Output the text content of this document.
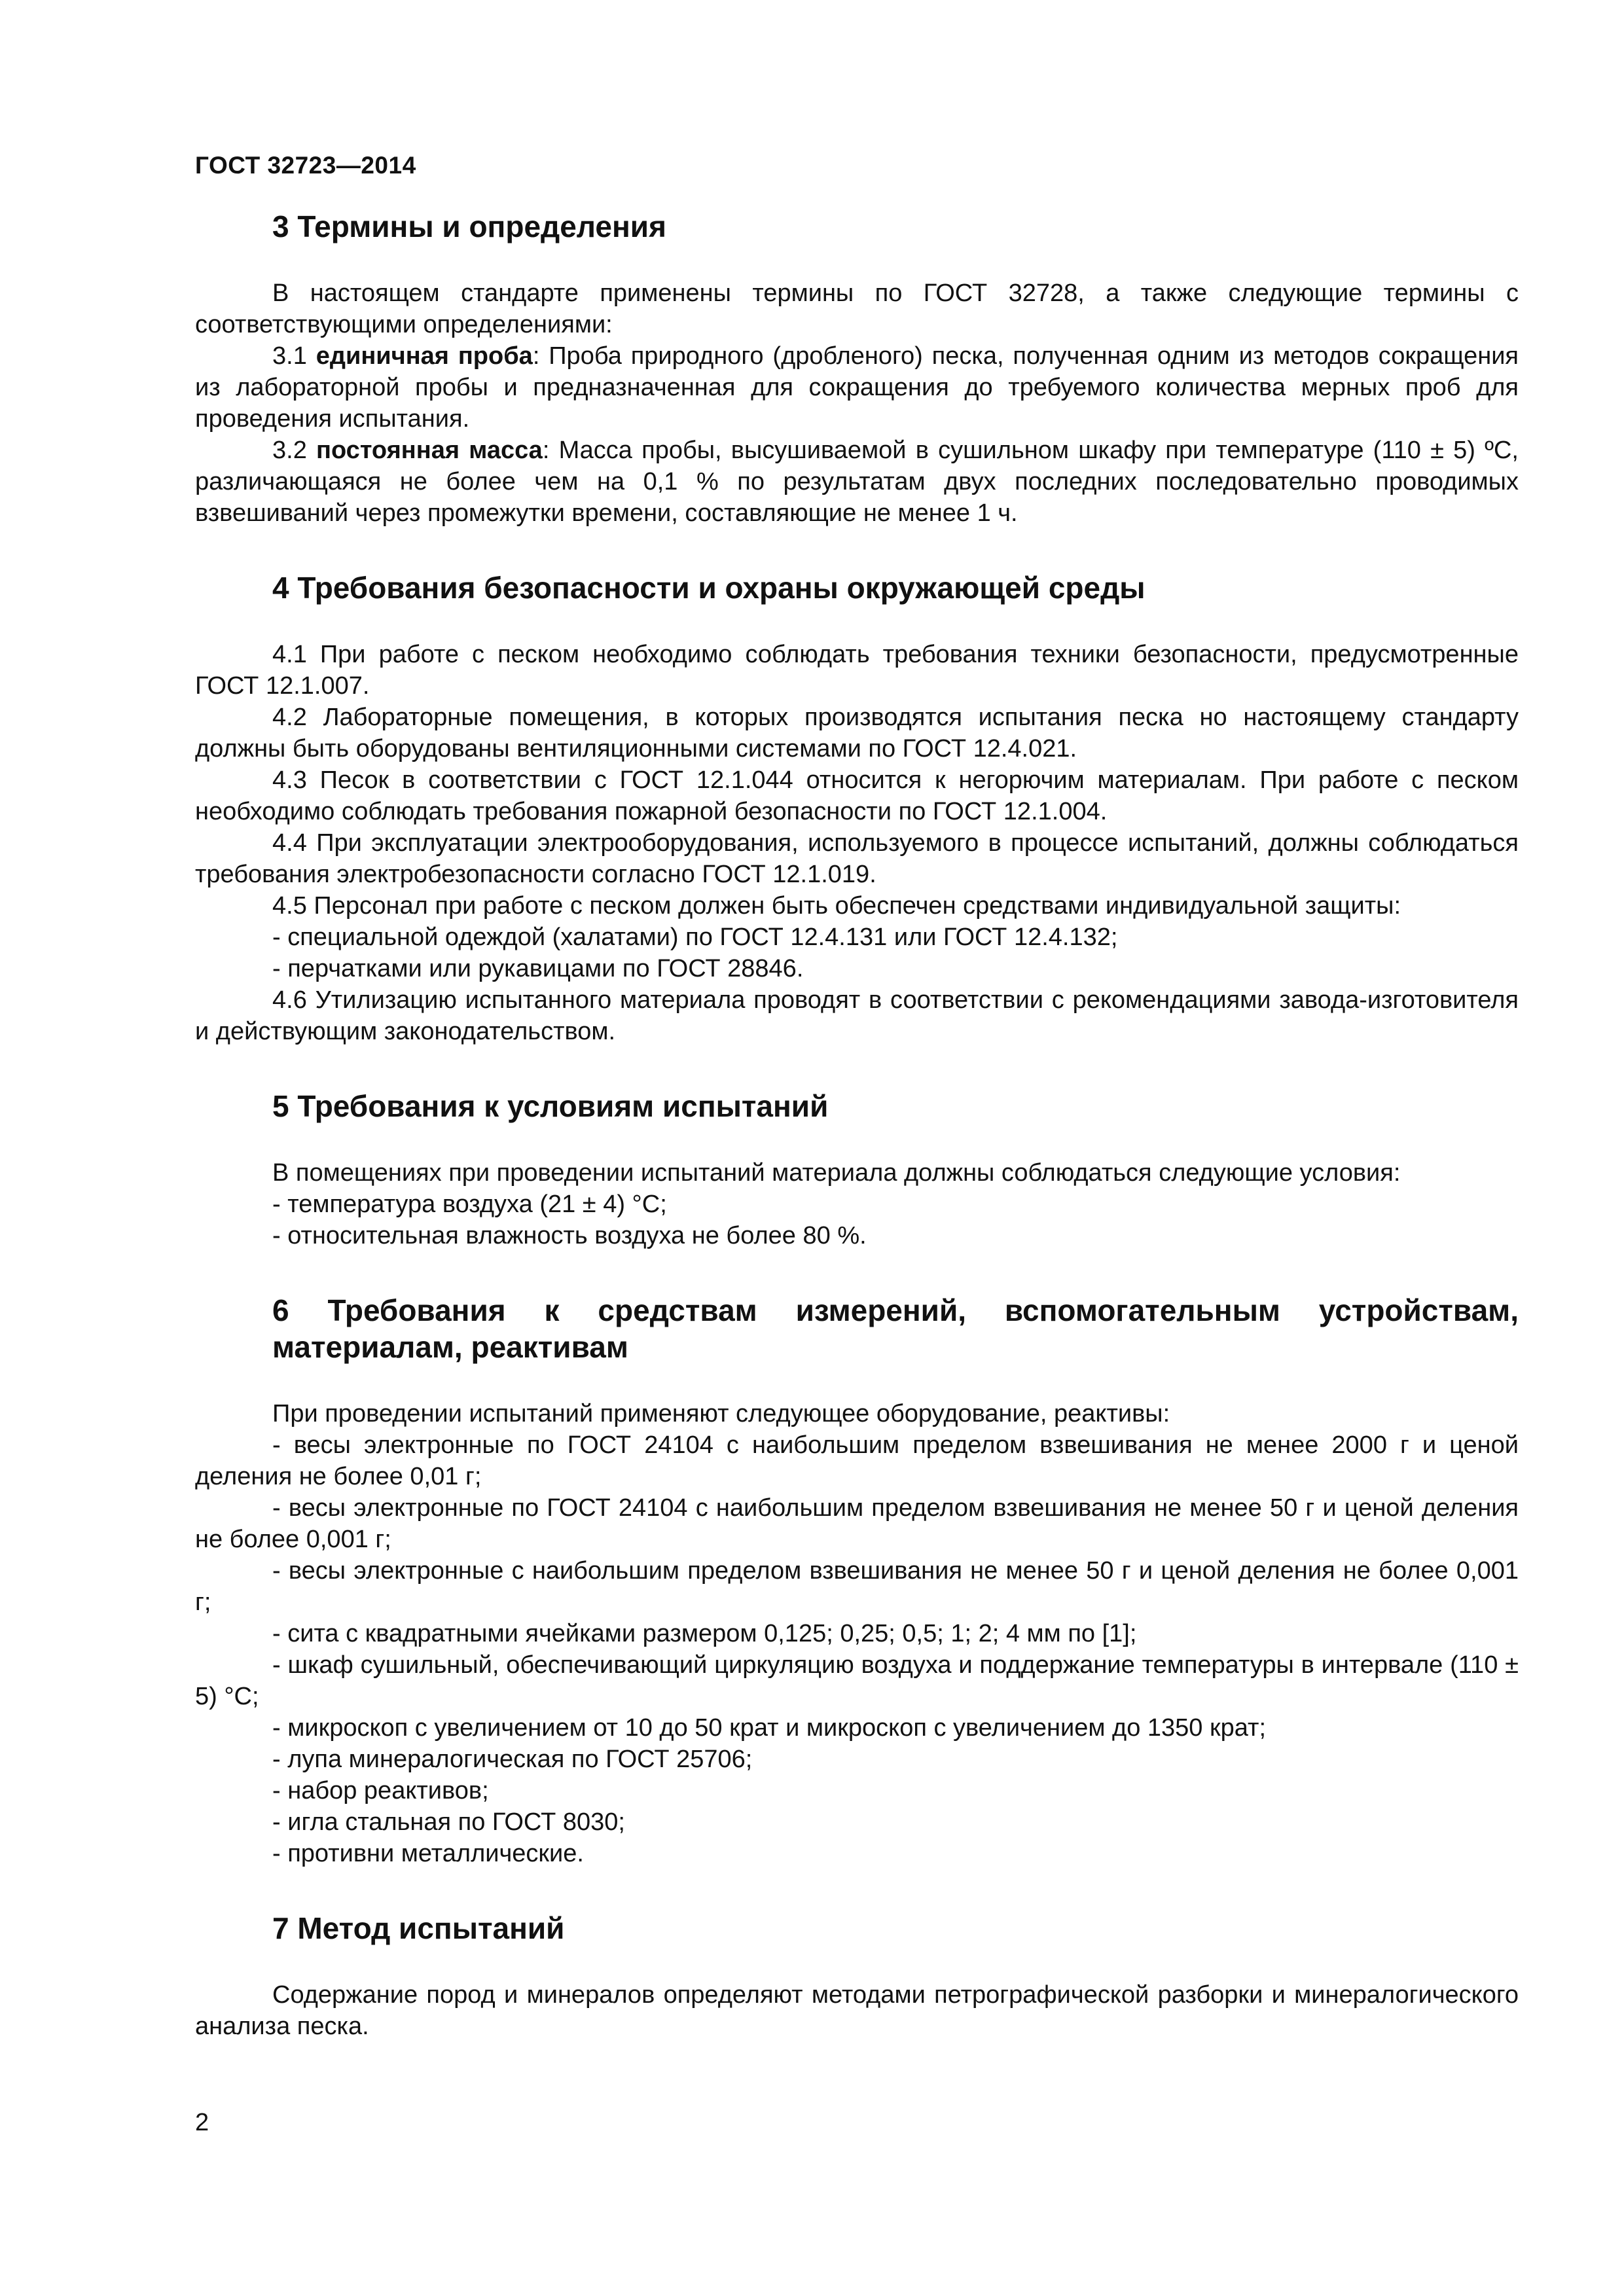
ГОСТ 32723—2014
3 Термины и определения

В настоящем стандарте применены термины по ГОСТ 32728, а также следующие термины с соответствующими определениями:

3.1 единичная проба: Проба природного (дробленого) песка, полученная одним из методов сокращения из лабораторной пробы и предназначенная для сокращения до требуемого количества мерных проб для проведения испытания.

3.2 постоянная масса: Масса пробы, высушиваемой в сушильном шкафу при температуре (110 ± 5) ºС, различающаяся не более чем на 0,1 % по результатам двух последних последовательно проводимых взвешиваний через промежутки времени, составляющие не менее 1 ч.

4 Требования безопасности и охраны окружающей среды

4.1 При работе с песком необходимо соблюдать требования техники безопасности, предусмотренные ГОСТ 12.1.007.

4.2 Лабораторные помещения, в которых производятся испытания песка но настоящему стандарту должны быть оборудованы вентиляционными системами по ГОСТ 12.4.021.

4.3 Песок в соответствии с ГОСТ 12.1.044 относится к негорючим материалам. При работе с песком необходимо соблюдать требования пожарной безопасности по ГОСТ 12.1.004.

4.4 При эксплуатации электрооборудования, используемого в процессе испытаний, должны соблюдаться требования электробезопасности согласно ГОСТ 12.1.019.

4.5 Персонал при работе с песком должен быть обеспечен средствами индивидуальной защиты:

- специальной одеждой (халатами) по ГОСТ 12.4.131 или ГОСТ 12.4.132;

- перчатками или рукавицами по ГОСТ 28846.

4.6 Утилизацию испытанного материала проводят в соответствии с рекомендациями завода-изготовителя и действующим законодательством.

5 Требования к условиям испытаний

В помещениях при проведении испытаний материала должны соблюдаться следующие условия:

- температура воздуха (21 ± 4) °С;

- относительная влажность воздуха не более 80 %.

6 Требования к средствам измерений, вспомогательным устройствам, материалам, реактивам

При проведении испытаний применяют следующее оборудование, реактивы:

- весы электронные по ГОСТ 24104 с наибольшим пределом взвешивания не менее 2000 г и ценой деления не более 0,01 г;

- весы электронные по ГОСТ 24104 с наибольшим пределом взвешивания не менее 50 г и ценой деления не более 0,001 г;

- весы электронные с наибольшим пределом взвешивания не менее 50 г и ценой деления не более 0,001 г;

- сита с квадратными ячейками размером 0,125; 0,25; 0,5; 1; 2; 4 мм по [1];

- шкаф сушильный, обеспечивающий циркуляцию воздуха и поддержание температуры в интервале (110 ± 5) °С;

- микроскоп с увеличением от 10 до 50 крат и микроскоп с увеличением до 1350 крат;

- лупа минералогическая по ГОСТ 25706;

- набор реактивов;

- игла стальная по ГОСТ 8030;

- противни металлические.

7 Метод испытаний

Содержание пород и минералов определяют методами петрографической разборки и минералогического анализа песка.

2
